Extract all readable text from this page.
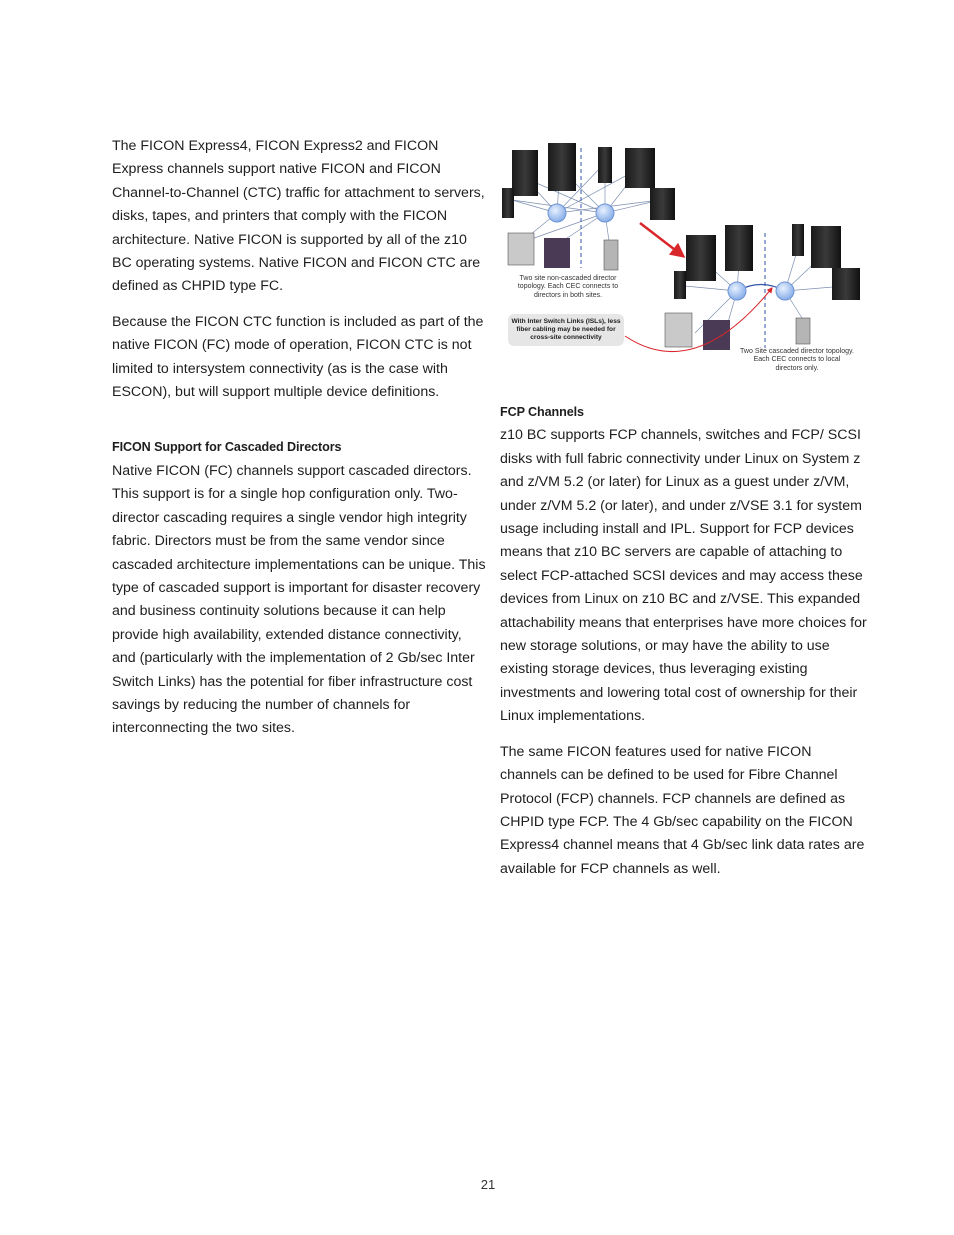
The FICON Express4, FICON Express2 and FICON Express channels support native FICON and FICON Channel-to-Channel (CTC) traffic for attachment to servers, disks, tapes, and printers that comply with the FICON architecture. Native FICON is supported by all of the z10 BC operating systems. Native FICON and FICON CTC are defined as CHPID type FC.

Because the FICON CTC function is included as part of the native FICON (FC) mode of operation, FICON CTC is not limited to intersystem connectivity (as is the case with ESCON), but will support multiple device definitions.

FICON Support for Cascaded Directors

Native FICON (FC) channels support cascaded directors. This support is for a single hop configuration only. Two-director cascading requires a single vendor high integrity fabric. Directors must be from the same vendor since cascaded architecture implementations can be unique. This type of cascaded support is important for disaster recovery and business continuity solutions because it can help provide high availability, extended distance connectivity, and (particularly with the implementation of 2 Gb/sec Inter Switch Links) has the potential for fiber infrastructure cost savings by reducing the number of channels for interconnecting the two sites.

Two site non-cascaded director topology. Each CEC connects to directors in both sites.
With Inter Switch Links (ISLs), less fiber cabling may be needed for cross-site connectivity
Two Site cascaded director topology. Each CEC connects to local directors only.
FCP Channels

z10 BC supports FCP channels, switches and FCP/ SCSI disks with full fabric connectivity under Linux on System z and z/VM 5.2 (or later) for Linux as a guest under z/VM, under z/VM 5.2 (or later), and under z/VSE 3.1 for system usage including install and IPL. Support for FCP devices means that z10 BC servers are capable of attaching to select FCP-attached SCSI devices and may access these devices from Linux on z10 BC and z/VSE. This expanded attachability means that enterprises have more choices for new storage solutions, or may have the ability to use existing storage devices, thus leveraging existing investments and lowering total cost of ownership for their Linux implementations.

The same FICON features used for native FICON channels can be defined to be used for Fibre Channel Protocol (FCP) channels. FCP channels are defined as CHPID type FCP. The 4 Gb/sec capability on the FICON Express4 channel means that 4 Gb/sec link data rates are available for FCP channels as well.

21
